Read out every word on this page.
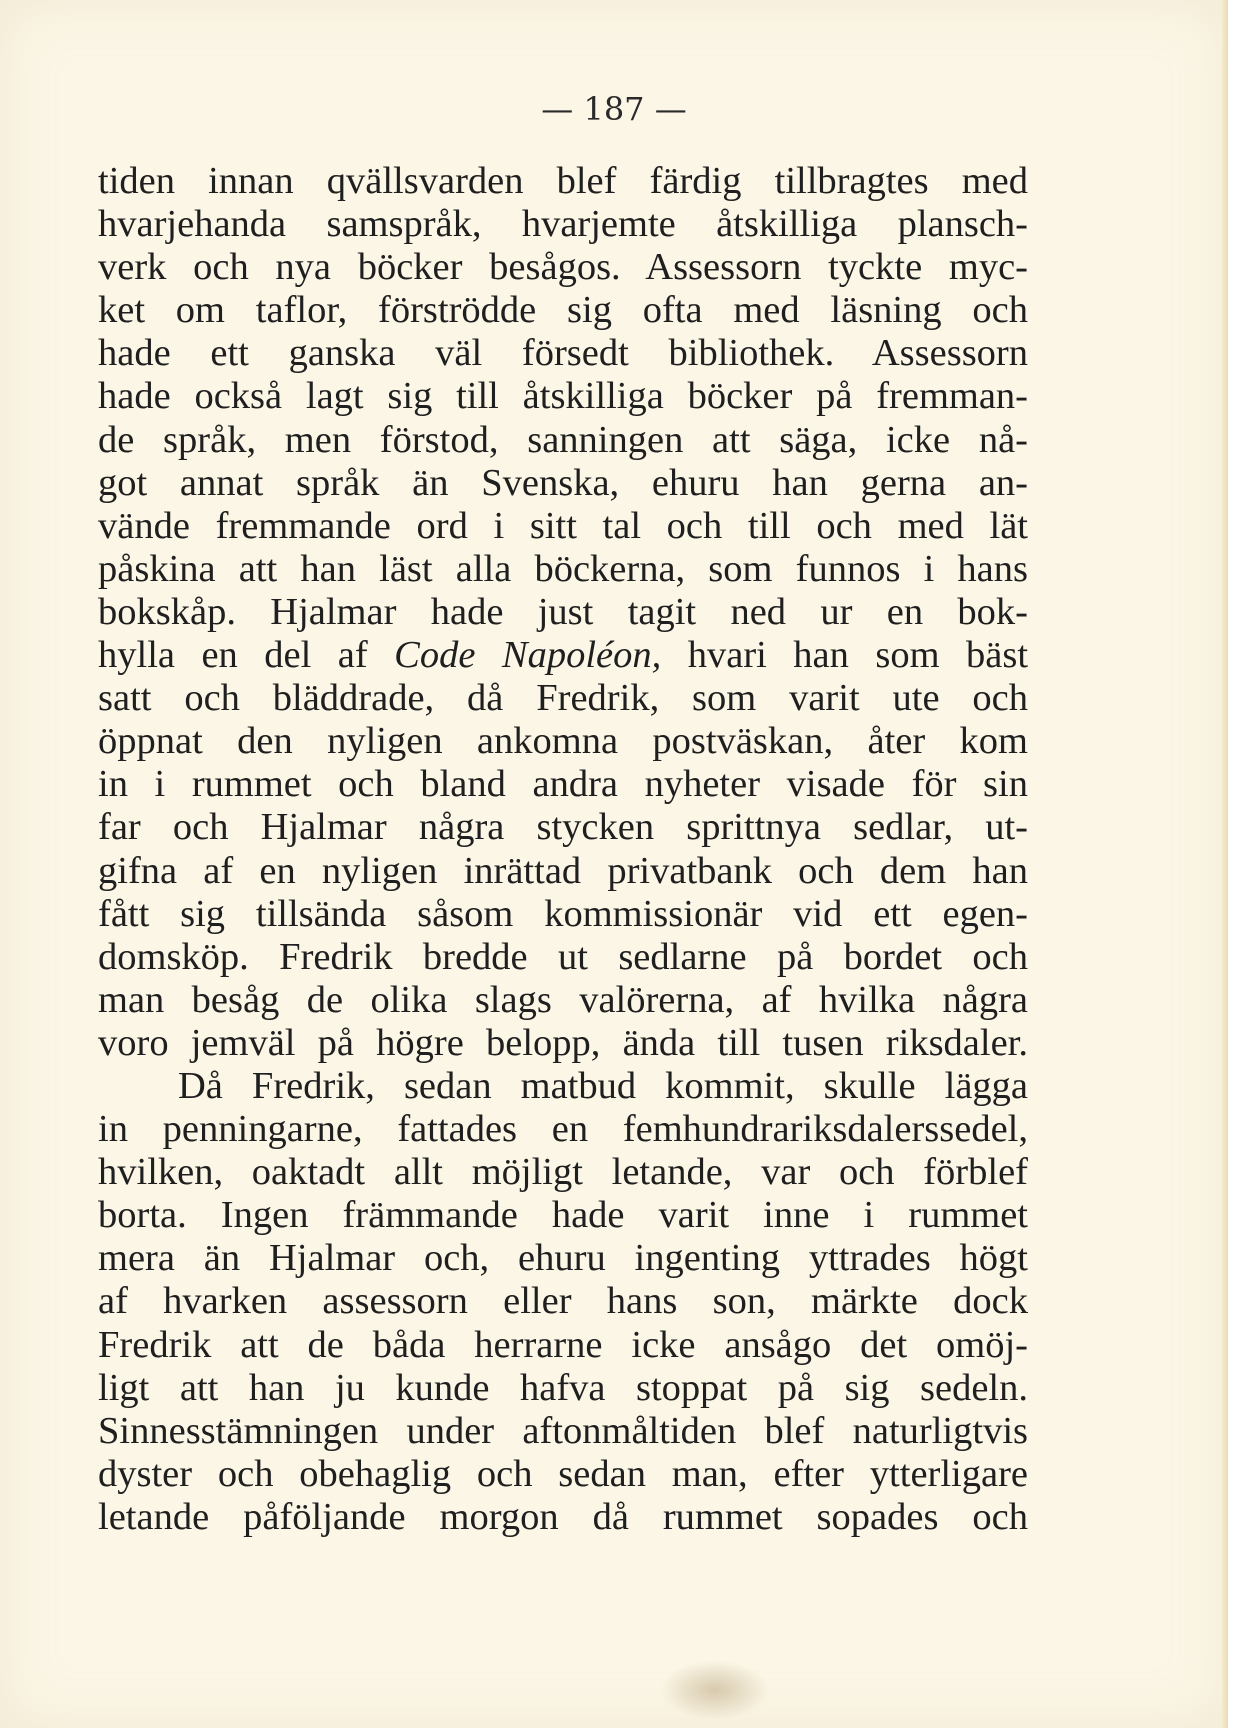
— 187 —
tiden innan qvällsvarden blef färdig tillbragtes med
hvarjehanda samspråk, hvarjemte åtskilliga plansch-
verk och nya böcker besågos. Assessorn tyckte myc-
ket om taflor, förströdde sig ofta med läsning och
hade ett ganska väl försedt bibliothek. Assessorn
hade också lagt sig till åtskilliga böcker på fremman-
de språk, men förstod, sanningen att säga, icke nå-
got annat språk än Svenska, ehuru han gerna an-
vände fremmande ord i sitt tal och till och med lät
påskina att han läst alla böckerna, som funnos i hans
bokskåp. Hjalmar hade just tagit ned ur en bok-
hylla en del af Code Napoléon, hvari han som bäst
satt och bläddrade, då Fredrik, som varit ute och
öppnat den nyligen ankomna postväskan, åter kom
in i rummet och bland andra nyheter visade för sin
far och Hjalmar några stycken sprittnya sedlar, ut-
gifna af en nyligen inrättad privatbank och dem han
fått sig tillsända såsom kommissionär vid ett egen-
domsköp. Fredrik bredde ut sedlarne på bordet och
man besåg de olika slags valörerna, af hvilka några
voro jemväl på högre belopp, ända till tusen riksdaler.
Då Fredrik, sedan matbud kommit, skulle lägga
in penningarne, fattades en femhundrariksdalerssedel,
hvilken, oaktadt allt möjligt letande, var och förblef
borta. Ingen främmande hade varit inne i rummet
mera än Hjalmar och, ehuru ingenting yttrades högt
af hvarken assessorn eller hans son, märkte dock
Fredrik att de båda herrarne icke ansågo det omöj-
ligt att han ju kunde hafva stoppat på sig sedeln.
Sinnesstämningen under aftonmåltiden blef naturligtvis
dyster och obehaglig och sedan man, efter ytterligare
letande påföljande morgon då rummet sopades och
